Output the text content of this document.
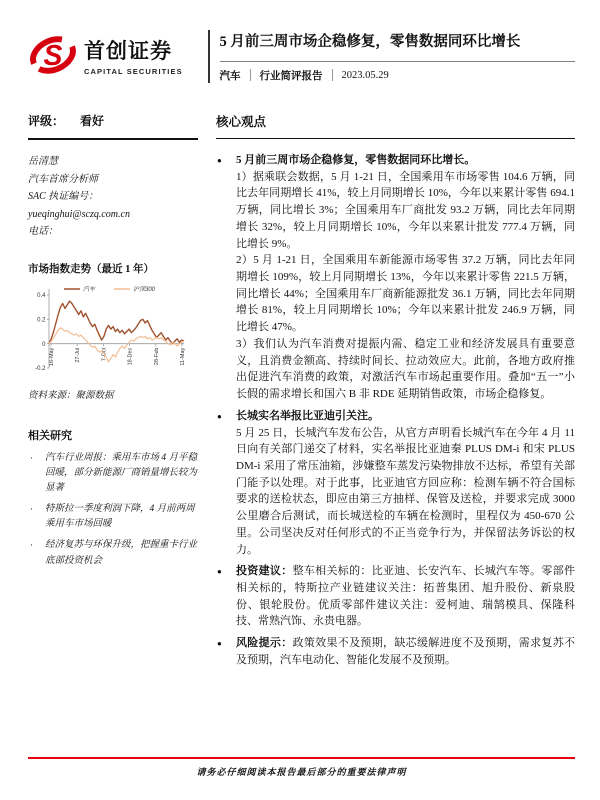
S 首创证券
CAPITAL SECURITIES
5 月前三周市场企稳修复，零售数据同环比增长
汽车 行业简评报告 2023.05.29
评级： 看好
岳清慧
汽车首席分析师
SAC 执证编号：
yueqinghui@sczq.com.cn
电话：
市场指数走势（最近 1 年）
0.4
0.2
0
-0.2
16-May	27-Jul	7-Oct	18-Dec	28-Feb	11-May
汽车	沪深300
资料来源：聚源数据
相关研究
· 汽车行业周报：乘用车市场 4 月平稳回暖，部分新能源厂商销量增长较为显著
· 特斯拉一季度利润下降，4 月前两周乘用车市场回暖
· 经济复苏与环保升级，把握重卡行业底部投资机会
核心观点
●	5 月前三周市场企稳修复，零售数据同环比增长。

1）据乘联会数据，5 月 1-21 日，全国乘用车市场零售 104.6 万辆，同比去年同期增长 41%，较上月同期增长 10%，今年以来累计零售 694.1 万辆，同比增长 3%；全国乘用车厂商批发 93.2 万辆，同比去年同期增长 32%，较上月同期增长 10%，今年以来累计批发 777.4 万辆，同比增长 9%。

2）5 月 1-21 日，全国乘用车新能源市场零售 37.2 万辆，同比去年同期增长 109%，较上月同期增长 13%，今年以来累计零售 221.5 万辆，同比增长 44%；全国乘用车厂商新能源批发 36.1 万辆，同比去年同期增长 81%，较上月同期增长 10%；今年以来累计批发 246.9 万辆，同比增长 47%。

3）我们认为汽车消费对提振内需、稳定工业和经济发展具有重要意义，且消费金额高、持续时间长、拉动效应大。此前，各地方政府推出促进汽车消费的政策，对激活汽车市场起重要作用。叠加“五一”小长假的需求增长和国六 B 非 RDE 延期销售政策，市场企稳修复。

●	长城实名举报比亚迪引关注。

5 月 25 日，长城汽车发布公告，从官方声明看长城汽车在今年 4 月 11 日向有关部门递交了材料，实名举报比亚迪秦 PLUS DM-i 和宋 PLUS DM-i 采用了常压油箱，涉嫌整车蒸发污染物排放不达标，希望有关部门能予以处理。对于此事，比亚迪官方回应称：检测车辆不符合国标要求的送检状态，即应由第三方抽样、保管及送检，并要求完成 3000 公里磨合后测试，而长城送检的车辆在检测时，里程仅为 450-670 公里。公司坚决反对任何形式的不正当竞争行为，并保留法务诉讼的权力。

●	投资建议：整车相关标的：比亚迪、长安汽车、长城汽车等。零部件相关标的，特斯拉产业链建议关注：拓普集团、旭升股份、新泉股份、银轮股份。优质零部件建议关注：爱柯迪、瑞鹄模具、保隆科技、常熟汽饰、永贵电器。

●	风险提示：政策效果不及预期，缺芯缓解进度不及预期，需求复苏不及预期，汽车电动化、智能化发展不及预期。

请务必仔细阅读本报告最后部分的重要法律声明
